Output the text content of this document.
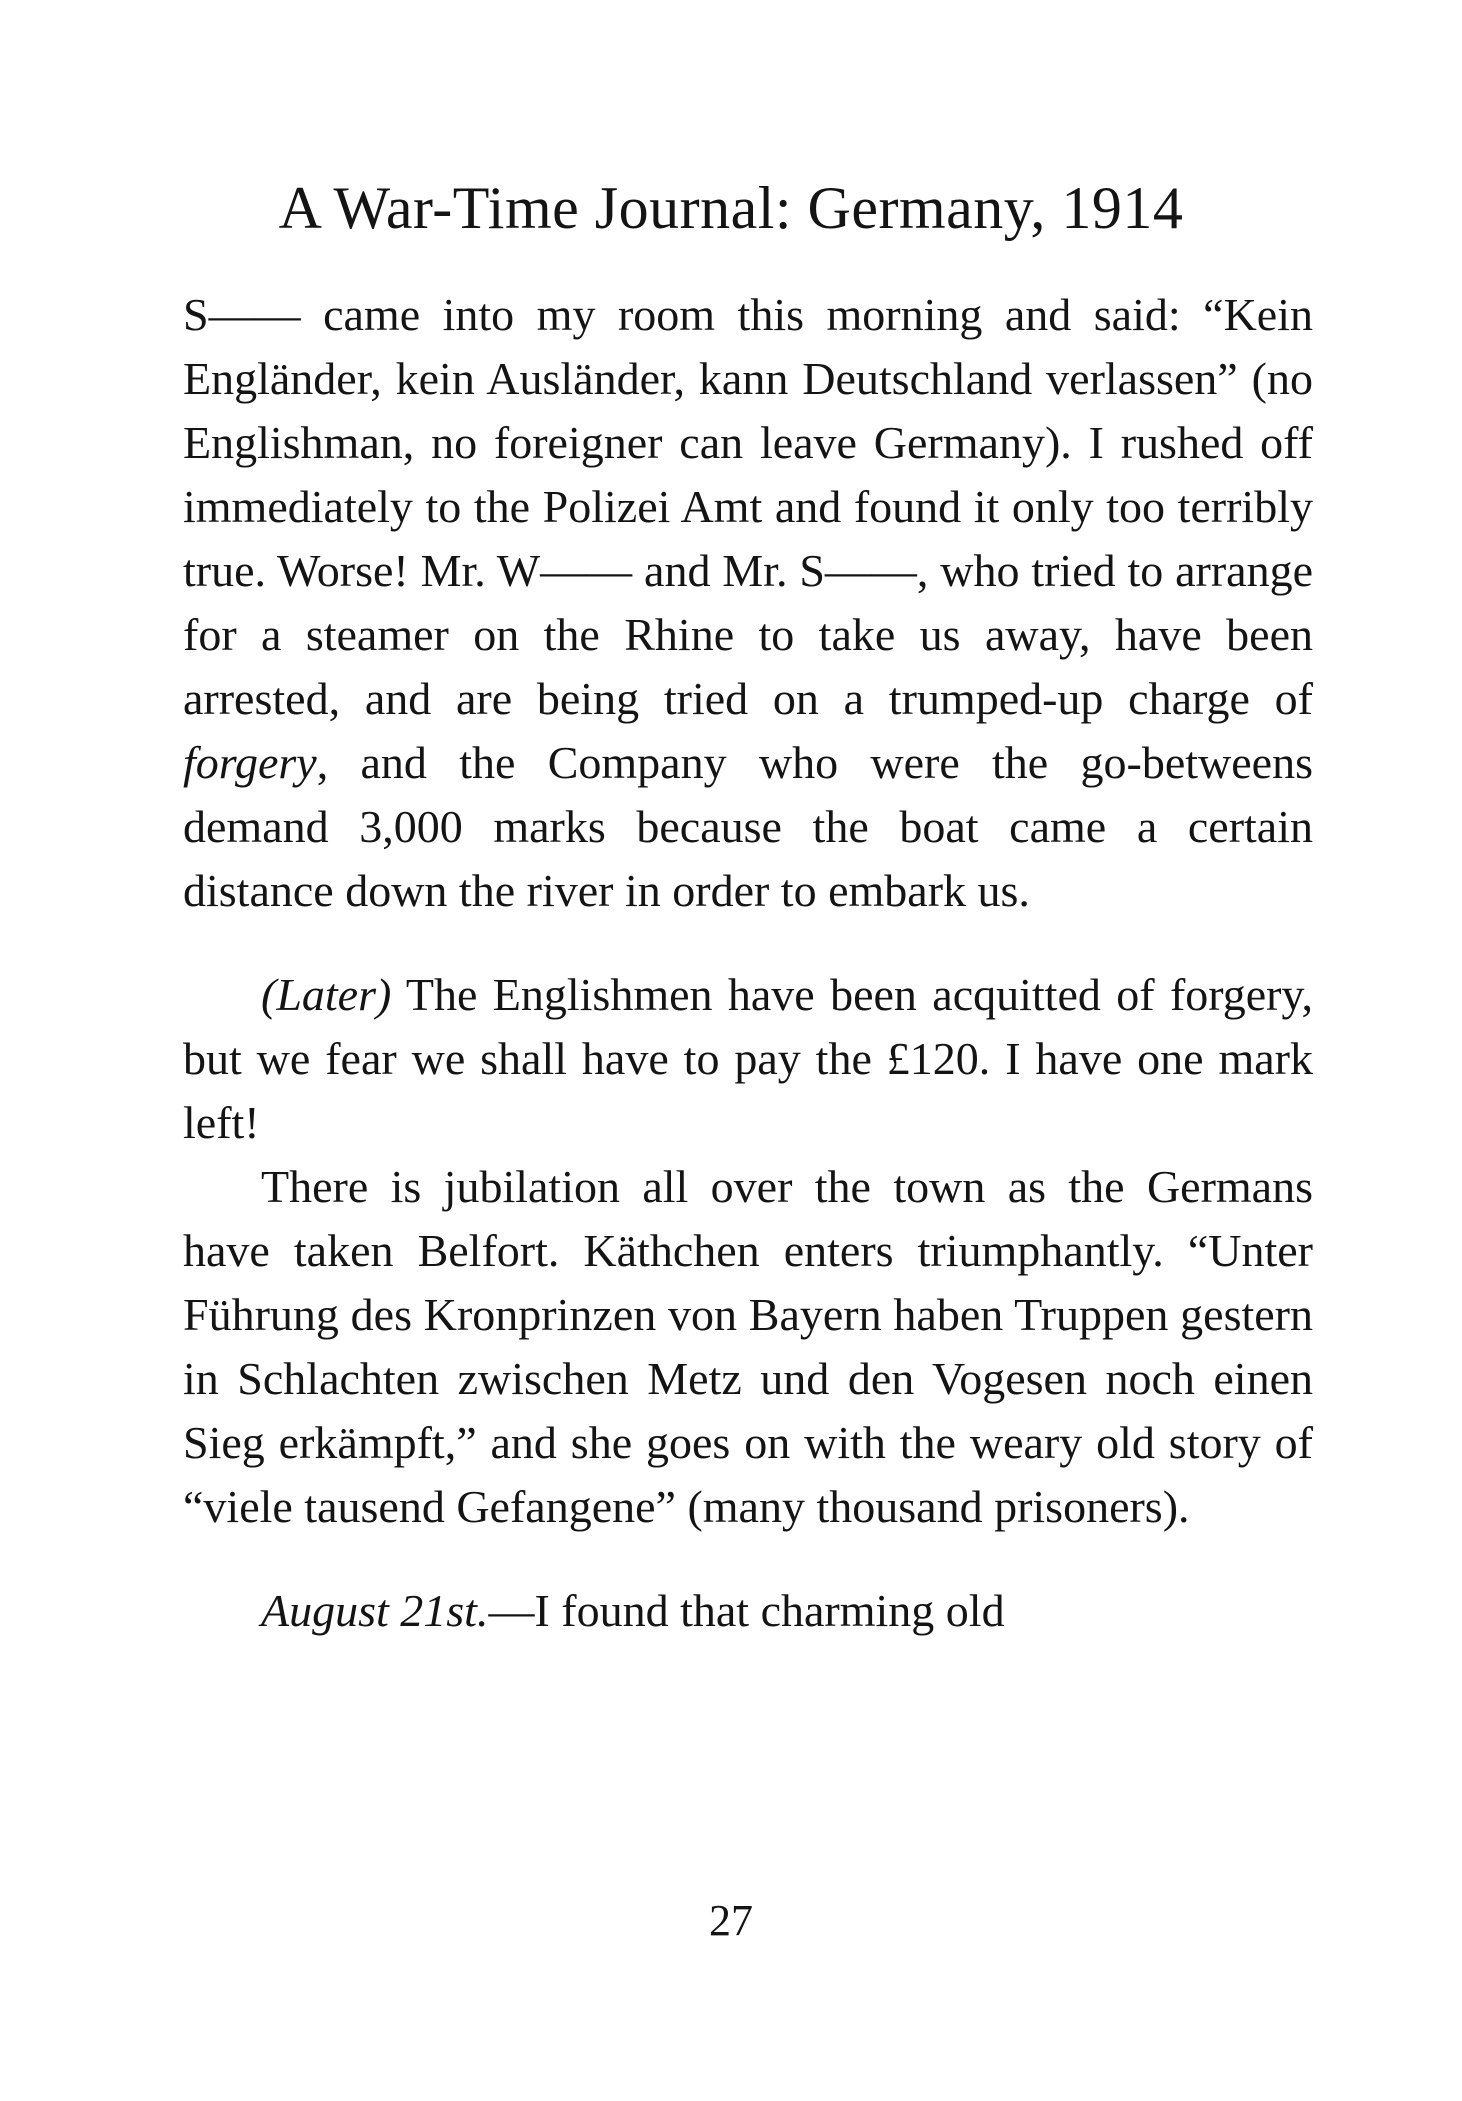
A War-Time Journal: Germany, 1914

S—— came into my room this morning and said: “Kein Engländer, kein Ausländer, kann Deutschland verlassen” (no Englishman, no foreigner can leave Germany). I rushed off immediately to the Polizei Amt and found it only too terribly true. Worse! Mr. W—— and Mr. S——, who tried to arrange for a steamer on the Rhine to take us away, have been arrested, and are being tried on a trumped-up charge of forgery, and the Company who were the go-betweens demand 3,000 marks because the boat came a certain distance down the river in order to embark us.

(Later) The Englishmen have been acquitted of forgery, but we fear we shall have to pay the £120. I have one mark left!

There is jubilation all over the town as the Germans have taken Belfort. Käthchen enters triumphantly. “Unter Führung des Kronprinzen von Bayern haben Truppen gestern in Schlachten zwischen Metz und den Vogesen noch einen Sieg erkämpft,” and she goes on with the weary old story of “viele tausend Gefangene” (many thousand prisoners).

August 21st.—I found that charming old

27
